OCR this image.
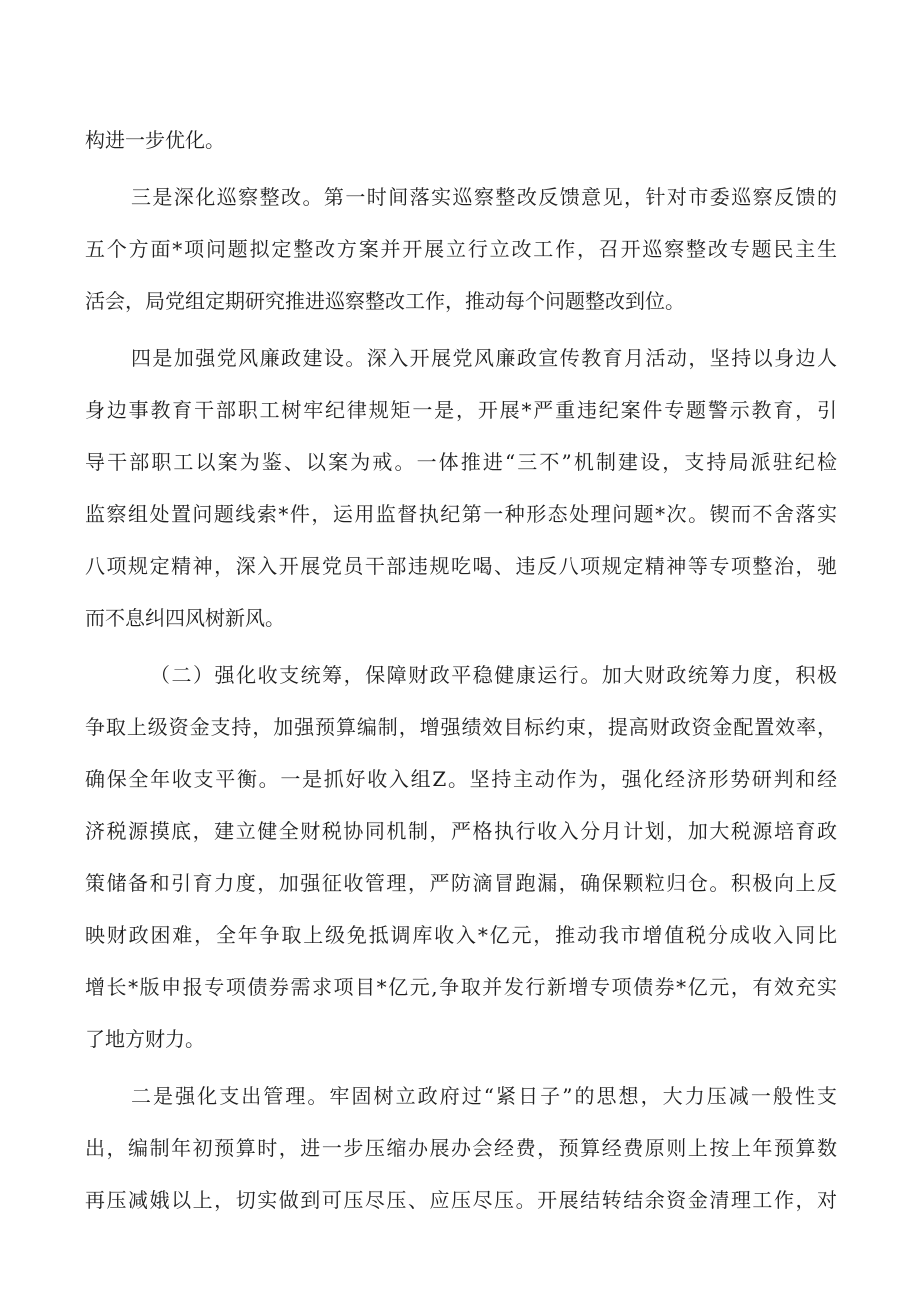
构进一步优化。
三是深化巡察整改。第一时间落实巡察整改反馈意见，针对市委巡察反馈的
五个方面*项问题拟定整改方案并开展立行立改工作，召开巡察整改专题民主生
活会，局党组定期研究推进巡察整改工作，推动每个问题整改到位。
四是加强党风廉政建设。深入开展党风廉政宣传教育月活动，坚持以身边人
身边事教育干部职工树牢纪律规矩一是，开展*严重违纪案件专题警示教育，引
导干部职工以案为鉴、以案为戒。一体推进“三不”机制建设，支持局派驻纪检
监察组处置问题线索*件，运用监督执纪第一种形态处理问题*次。锲而不舍落实
八项规定精神，深入开展党员干部违规吃喝、违反八项规定精神等专项整治，驰
而不息纠四风树新风。
（二）强化收支统筹，保障财政平稳健康运行。加大财政统筹力度，积极
争取上级资金支持，加强预算编制，增强绩效目标约束，提高财政资金配置效率，
确保全年收支平衡。一是抓好收入组Z。坚持主动作为，强化经济形势研判和经
济税源摸底，建立健全财税协同机制，严格执行收入分月计划，加大税源培育政
策储备和引育力度，加强征收管理，严防滴冒跑漏，确保颗粒归仓。积极向上反
映财政困难，全年争取上级免抵调库收入*亿元，推动我市增值税分成收入同比
增长*版申报专项债券需求项目*亿元,争取并发行新增专项债券*亿元，有效充实
了地方财力。
二是强化支出管理。牢固树立政府过“紧日子”的思想，大力压减一般性支
出，编制年初预算时，进一步压缩办展办会经费，预算经费原则上按上年预算数
再压减娥以上，切实做到可压尽压、应压尽压。开展结转结余资金清理工作，对
